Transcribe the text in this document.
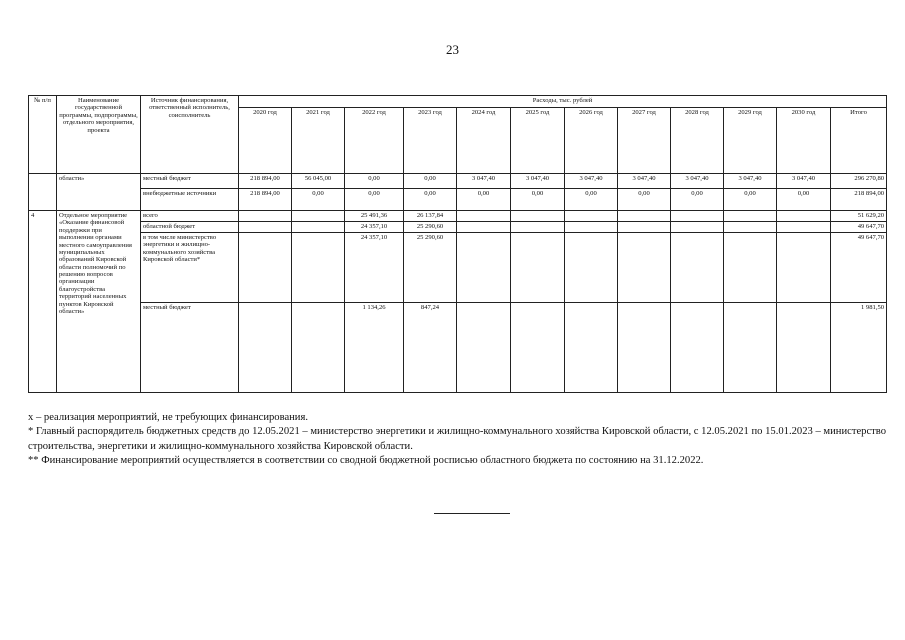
23
№ п/п	Наименование государственной программы, подпрограммы, отдельного мероприятия, проекта	Источник финансирования, ответственный исполнитель, соисполнитель	Расходы, тыс. рублей											
			2020 год	2021 год	2022 год	2023 год	2024 год	2025 год	2026 год	2027 год	2028 год	2029 год	2030 год	Итого
	области»	местный бюджет	218 894,00	56 045,00	0,00	0,00	3 047,40	3 047,40	3 047,40	3 047,40	3 047,40	3 047,40	3 047,40	296 270,80
		внебюджетные источники	218 894,00	0,00	0,00	0,00	0,00	0,00	0,00	0,00	0,00	0,00	0,00	218 894,00
4	Отдельное мероприятие «Оказание финансовой поддержки при выполнении органами местного самоуправления муниципальных образований Кировской области полномочий по решению вопросов организации благоустройства территорий населенных пунктов Кировской области»	всего			25 491,36	26 137,84								51 629,20
		областной бюджет			24 357,10	25 290,60								49 647,70
		в том числе министерство энергетики и жилищно-коммунального хозяйства Кировской области*			24 357,10	25 290,60								49 647,70
		местный бюджет			1 134,26	847,24								1 981,50

х – реализация мероприятий, не требующих финансирования.

* Главный распорядитель бюджетных средств до 12.05.2021 – министерство энергетики и жилищно-коммунального хозяйства Кировской области, с 12.05.2021 по 15.01.2023 – министерство строительства, энергетики и жилищно-коммунального хозяйства Кировской области.

** Финансирование мероприятий осуществляется в соответствии со сводной бюджетной росписью областного бюджета по состоянию на 31.12.2022.
